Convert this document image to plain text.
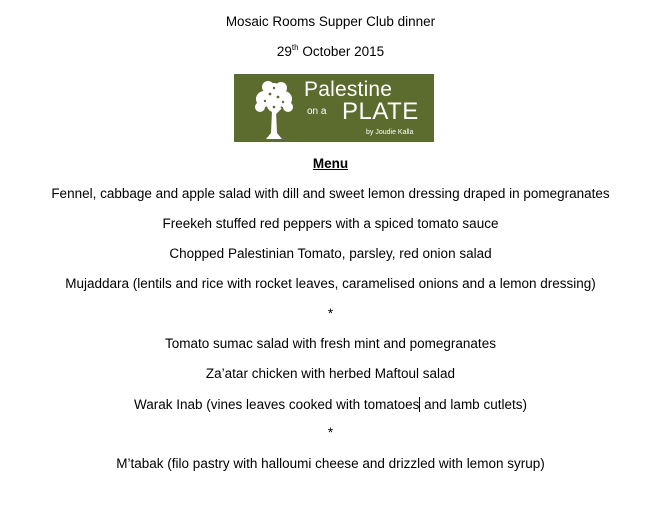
Mosaic Rooms Supper Club dinner
29th October 2015
Palestine
on a PLATE
by Joudie Kalla
Menu
Fennel, cabbage and apple salad with dill and sweet lemon dressing draped in pomegranates
Freekeh stuffed red peppers with a spiced tomato sauce
Chopped Palestinian Tomato, parsley, red onion salad
Mujaddara (lentils and rice with rocket leaves, caramelised onions and a lemon dressing)
*
Tomato sumac salad with fresh mint and pomegranates
Za’atar chicken with herbed Maftoul salad
Warak Inab (vines leaves cooked with tomatoes and lamb cutlets)
*
M’tabak (filo pastry with halloumi cheese and drizzled with lemon syrup)
